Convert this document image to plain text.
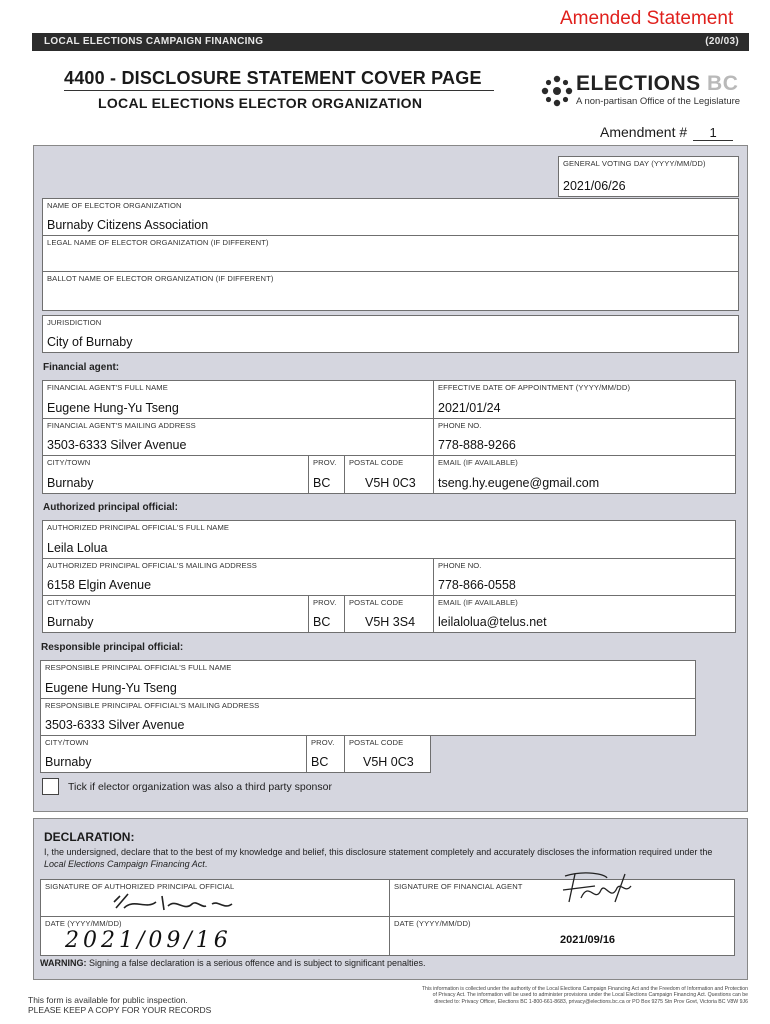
Amended Statement
LOCAL ELECTIONS CAMPAIGN FINANCING	(20/03)
4400 - DISCLOSURE STATEMENT COVER PAGE
LOCAL ELECTIONS ELECTOR ORGANIZATION
ELECTIONS BC
A non-partisan Office of the Legislature
Amendment # 1
GENERAL VOTING DAY (YYYY/MM/DD)
2021/06/26
NAME OF ELECTOR ORGANIZATION
Burnaby Citizens Association
LEGAL NAME OF ELECTOR ORGANIZATION (IF DIFFERENT)
BALLOT NAME OF ELECTOR ORGANIZATION (IF DIFFERENT)
JURISDICTION
City of Burnaby
Financial agent:
FINANCIAL AGENT'S FULL NAME
Eugene Hung-Yu Tseng
EFFECTIVE DATE OF APPOINTMENT (YYYY/MM/DD)
2021/01/24
FINANCIAL AGENT'S MAILING ADDRESS
3503-6333 Silver Avenue
PHONE NO.
778-888-9266
CITY/TOWN
Burnaby
PROV.
BC
POSTAL CODE
V5H 0C3
EMAIL (IF AVAILABLE)
tseng.hy.eugene@gmail.com
Authorized principal official:
AUTHORIZED PRINCIPAL OFFICIAL'S FULL NAME
Leila Lolua
AUTHORIZED PRINCIPAL OFFICIAL'S MAILING ADDRESS
6158 Elgin Avenue
PHONE NO.
778-866-0558
CITY/TOWN
Burnaby
PROV.
BC
POSTAL CODE
V5H 3S4
EMAIL (IF AVAILABLE)
leilalolua@telus.net
Responsible principal official:
RESPONSIBLE PRINCIPAL OFFICIAL'S FULL NAME
Eugene Hung-Yu Tseng
RESPONSIBLE PRINCIPAL OFFICIAL'S MAILING ADDRESS
3503-6333 Silver Avenue
CITY/TOWN
Burnaby
PROV.
BC
POSTAL CODE
V5H 0C3
Tick if elector organization was also a third party sponsor
DECLARATION:
I, the undersigned, declare that to the best of my knowledge and belief, this disclosure statement completely and accurately discloses the information required under the Local Elections Campaign Financing Act.
SIGNATURE OF AUTHORIZED PRINCIPAL OFFICIAL	SIGNATURE OF FINANCIAL AGENT
DATE (YYYY/MM/DD)
2021/09/16
DATE (YYYY/MM/DD)
2021/09/16
WARNING: Signing a false declaration is a serious offence and is subject to significant penalties.
This form is available for public inspection.
PLEASE KEEP A COPY FOR YOUR RECORDS
This information is collected under the authority of the Local Elections Campaign Financing Act and the Freedom of Information and Protection of Privacy Act. The information will be used to administer provisions under the Local Elections Campaign Financing Act. Questions can be directed to: Privacy Officer, Elections BC 1-800-661-8683, privacy@elections.bc.ca or PO Box 9275 Stn Prov Govt, Victoria BC V8W 9J6
